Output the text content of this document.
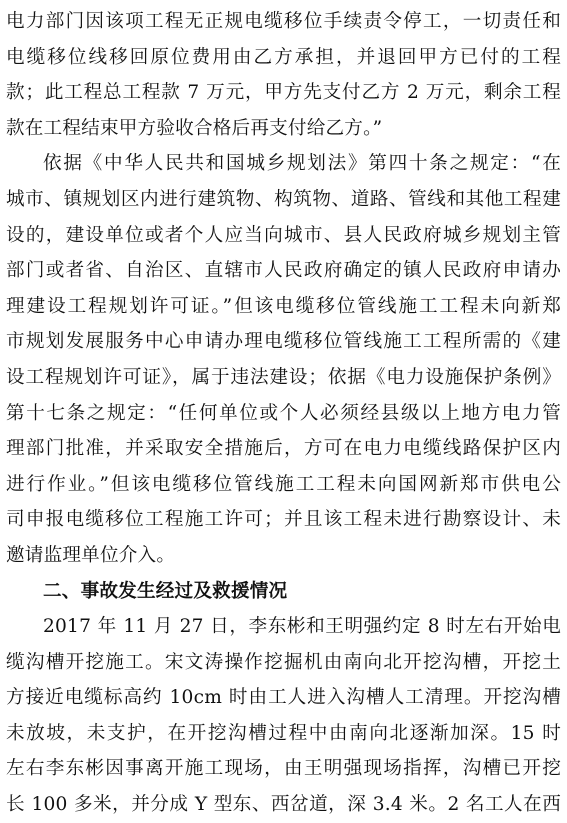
电力部门因该项工程无正规电缆移位手续责令停工，一切责任和
电缆移位线移回原位费用由乙方承担，并退回甲方已付的工程
款；此工程总工程款 7 万元，甲方先支付乙方 2 万元，剩余工程
款在工程结束甲方验收合格后再支付给乙方。”
依据《中华人民共和国城乡规划法》第四十条之规定：“在
城市、镇规划区内进行建筑物、构筑物、道路、管线和其他工程建
设的，建设单位或者个人应当向城市、县人民政府城乡规划主管
部门或者省、自治区、直辖市人民政府确定的镇人民政府申请办
理建设工程规划许可证。”但该电缆移位管线施工工程未向新郑
市规划发展服务中心申请办理电缆移位管线施工工程所需的《建
设工程规划许可证》，属于违法建设；依据《电力设施保护条例》
第十七条之规定：“任何单位或个人必须经县级以上地方电力管
理部门批准，并采取安全措施后，方可在电力电缆线路保护区内
进行作业。”但该电缆移位管线施工工程未向国网新郑市供电公
司申报电缆移位工程施工许可；并且该工程未进行勘察设计、未
邀请监理单位介入。
二、事故发生经过及救援情况
2017 年 11 月 27 日，李东彬和王明强约定 8 时左右开始电
缆沟槽开挖施工。宋文涛操作挖掘机由南向北开挖沟槽，开挖土
方接近电缆标高约 10cm 时由工人进入沟槽人工清理。开挖沟槽
未放坡，未支护，在开挖沟槽过程中由南向北逐渐加深。15 时
左右李东彬因事离开施工现场，由王明强现场指挥，沟槽已开挖
长 100 多米，并分成 Y 型东、西岔道，深 3.4 米。2 名工人在西
